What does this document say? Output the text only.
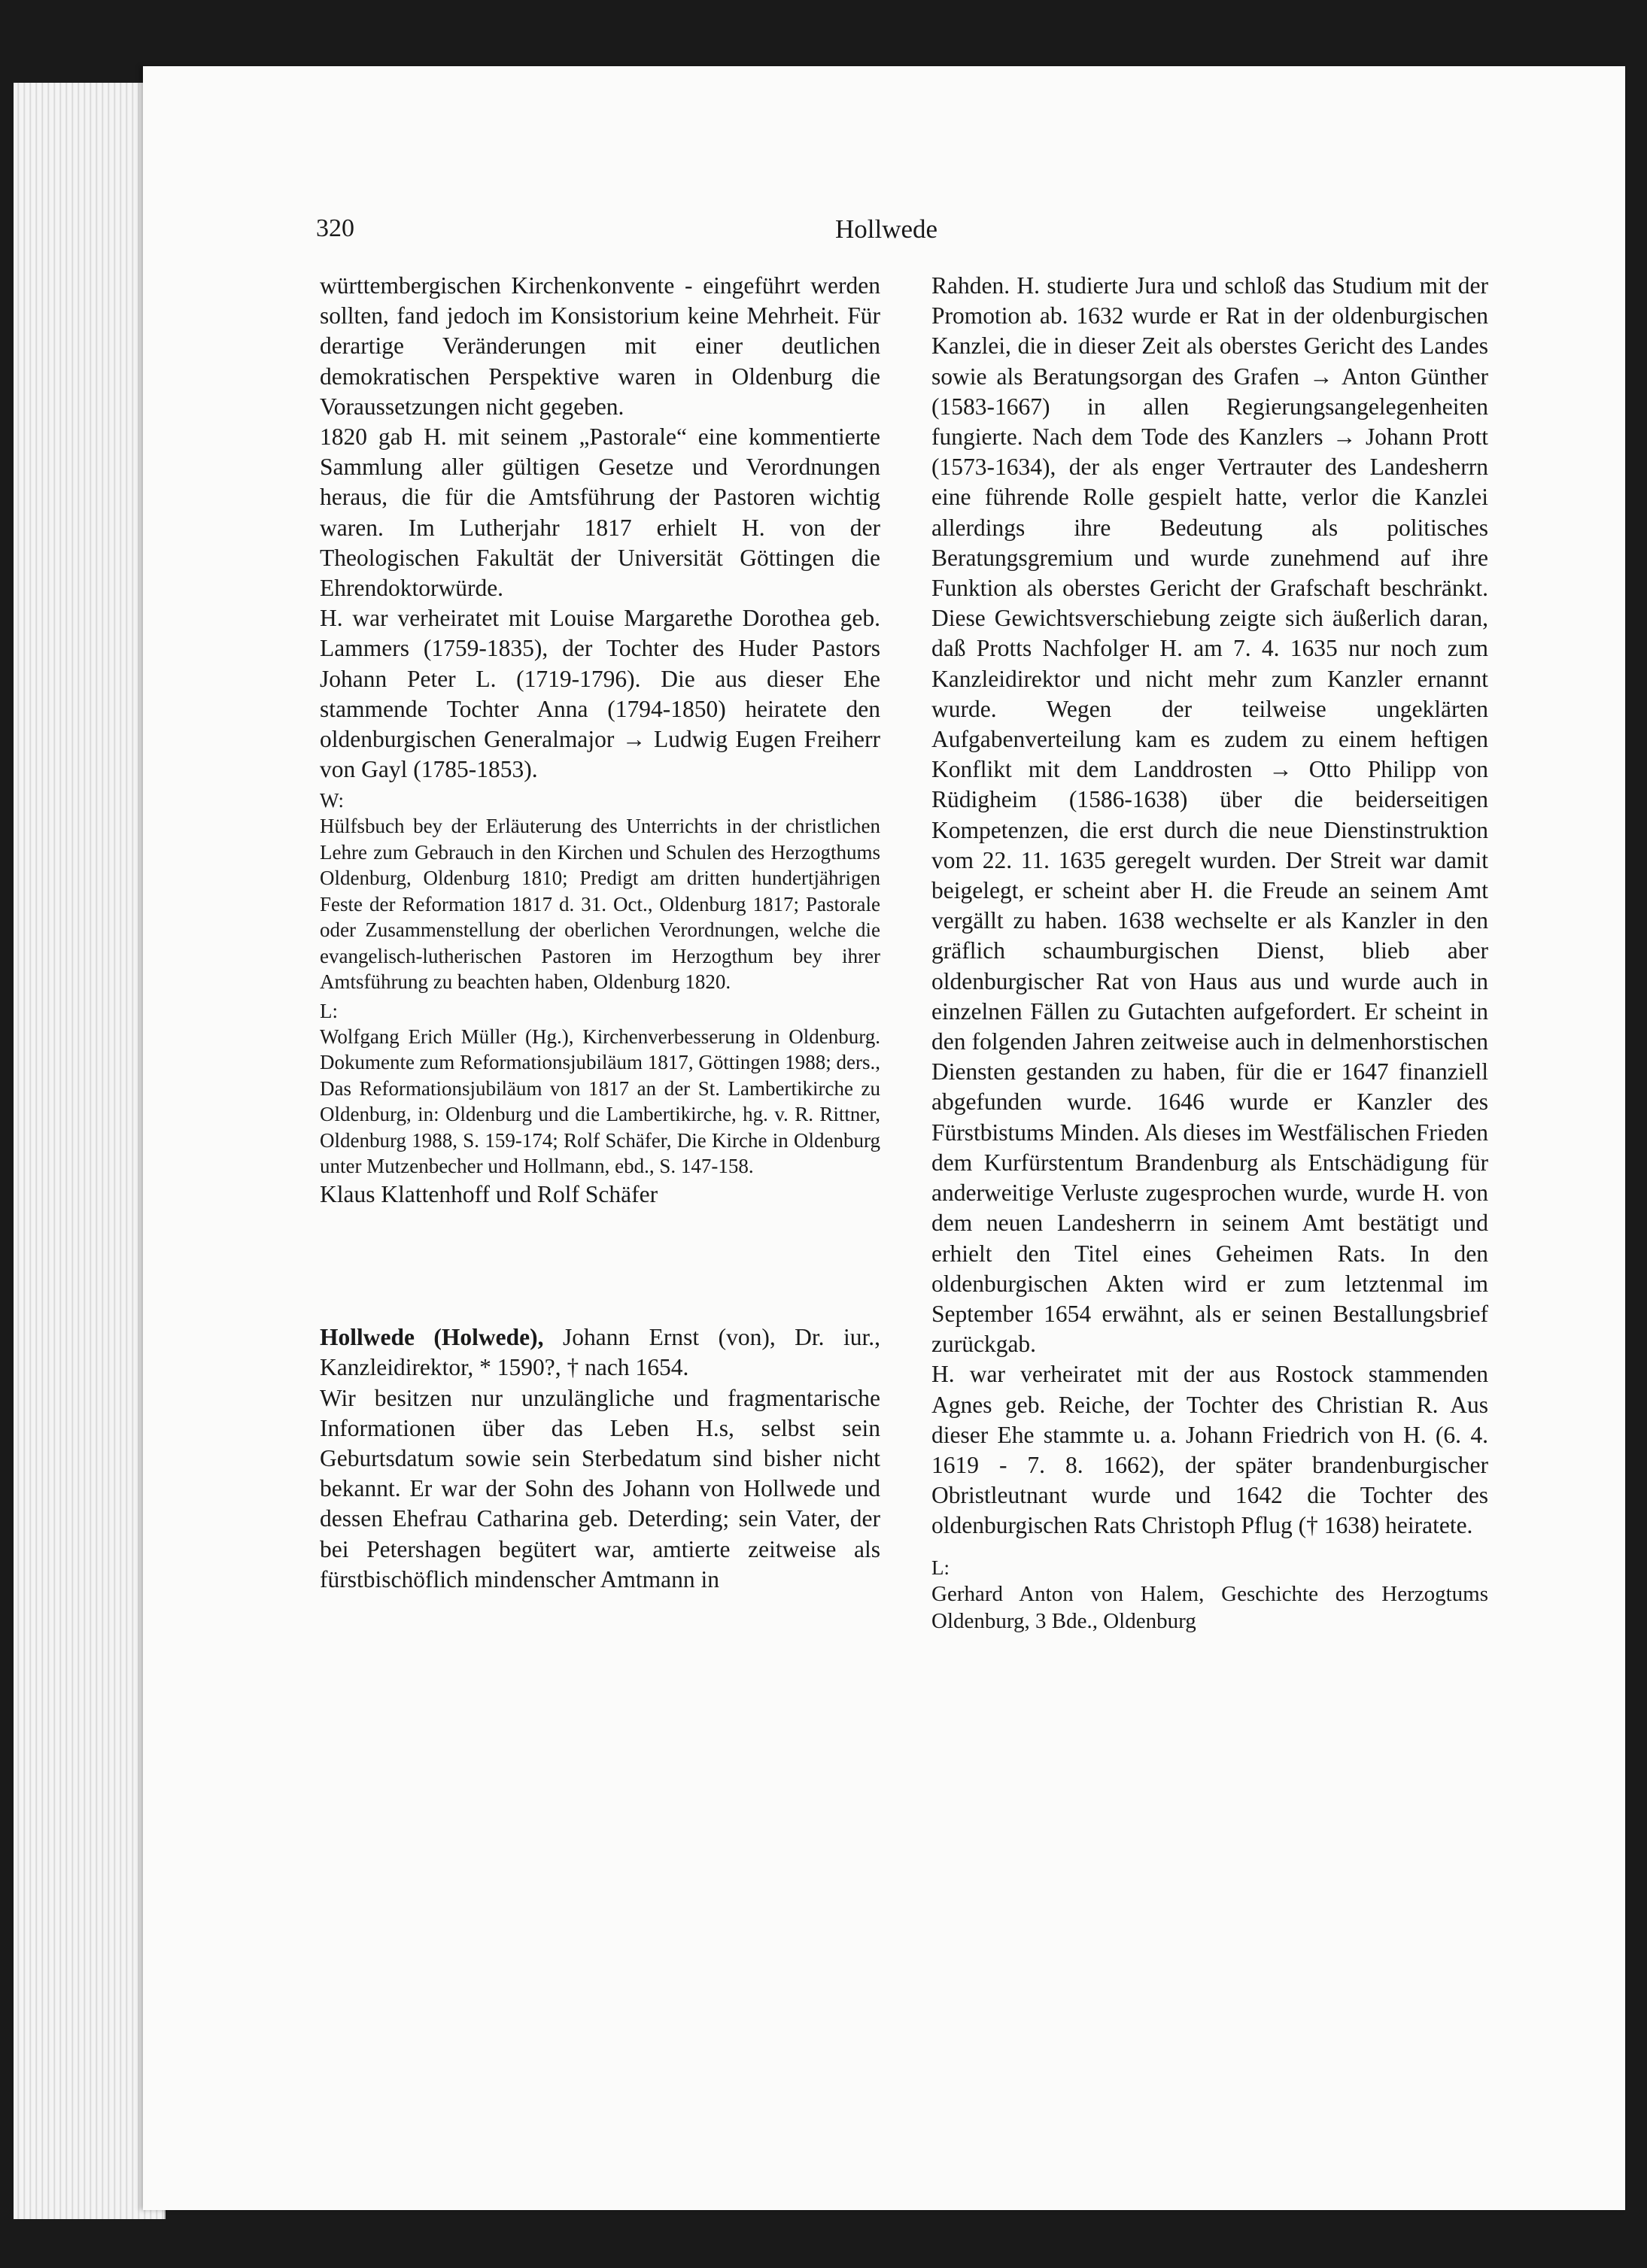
320	Hollwede

württembergischen Kirchenkonvente - eingeführt werden sollten, fand jedoch im Konsistorium keine Mehrheit. Für derartige Veränderungen mit einer deutlichen demokratischen Perspektive waren in Oldenburg die Voraussetzungen nicht gegeben.

1820 gab H. mit seinem „Pastorale“ eine kommentierte Sammlung aller gültigen Gesetze und Verordnungen heraus, die für die Amtsführung der Pastoren wichtig waren. Im Lutherjahr 1817 erhielt H. von der Theologischen Fakultät der Universität Göttingen die Ehrendoktorwürde.

H. war verheiratet mit Louise Margarethe Dorothea geb. Lammers (1759-1835), der Tochter des Huder Pastors Johann Peter L. (1719-1796). Die aus dieser Ehe stammende Tochter Anna (1794-1850) heiratete den oldenburgischen Generalmajor → Ludwig Eugen Freiherr von Gayl (1785-1853).

W:

Hülfsbuch bey der Erläuterung des Unterrichts in der christlichen Lehre zum Gebrauch in den Kirchen und Schulen des Herzogthums Oldenburg, Oldenburg 1810; Predigt am dritten hundertjährigen Feste der Reformation 1817 d. 31. Oct., Oldenburg 1817; Pastorale oder Zusammenstellung der oberlichen Verordnungen, welche die evangelisch-lutherischen Pastoren im Herzogthum bey ihrer Amtsführung zu beachten haben, Oldenburg 1820.

L:

Wolfgang Erich Müller (Hg.), Kirchenverbesserung in Oldenburg. Dokumente zum Reformationsjubiläum 1817, Göttingen 1988; ders., Das Reformationsjubiläum von 1817 an der St. Lambertikirche zu Oldenburg, in: Oldenburg und die Lambertikirche, hg. v. R. Rittner, Oldenburg 1988, S. 159-174; Rolf Schäfer, Die Kirche in Oldenburg unter Mutzenbecher und Hollmann, ebd., S. 147-158.

Klaus Klattenhoff und Rolf Schäfer

Hollwede (Holwede), Johann Ernst (von), Dr. iur., Kanzleidirektor, * 1590?, † nach 1654.

Wir besitzen nur unzulängliche und fragmentarische Informationen über das Leben H.s, selbst sein Geburtsdatum sowie sein Sterbedatum sind bisher nicht bekannt. Er war der Sohn des Johann von Hollwede und dessen Ehefrau Catharina geb. Deterding; sein Vater, der bei Petershagen begütert war, amtierte zeitweise als fürstbischöflich mindenscher Amtmann in

Rahden. H. studierte Jura und schloß das Studium mit der Promotion ab. 1632 wurde er Rat in der oldenburgischen Kanzlei, die in dieser Zeit als oberstes Gericht des Landes sowie als Beratungsorgan des Grafen → Anton Günther (1583-1667) in allen Regierungsangelegenheiten fungierte. Nach dem Tode des Kanzlers → Johann Prott (1573-1634), der als enger Vertrauter des Landesherrn eine führende Rolle gespielt hatte, verlor die Kanzlei allerdings ihre Bedeutung als politisches Beratungsgremium und wurde zunehmend auf ihre Funktion als oberstes Gericht der Grafschaft beschränkt. Diese Gewichtsverschiebung zeigte sich äußerlich daran, daß Protts Nachfolger H. am 7. 4. 1635 nur noch zum Kanzleidirektor und nicht mehr zum Kanzler ernannt wurde. Wegen der teilweise ungeklärten Aufgabenverteilung kam es zudem zu einem heftigen Konflikt mit dem Landdrosten → Otto Philipp von Rüdigheim (1586-1638) über die beiderseitigen Kompetenzen, die erst durch die neue Dienstinstruktion vom 22. 11. 1635 geregelt wurden. Der Streit war damit beigelegt, er scheint aber H. die Freude an seinem Amt vergällt zu haben. 1638 wechselte er als Kanzler in den gräflich schaumburgischen Dienst, blieb aber oldenburgischer Rat von Haus aus und wurde auch in einzelnen Fällen zu Gutachten aufgefordert. Er scheint in den folgenden Jahren zeitweise auch in delmenhorstischen Diensten gestanden zu haben, für die er 1647 finanziell abgefunden wurde. 1646 wurde er Kanzler des Fürstbistums Minden. Als dieses im Westfälischen Frieden dem Kurfürstentum Brandenburg als Entschädigung für anderweitige Verluste zugesprochen wurde, wurde H. von dem neuen Landesherrn in seinem Amt bestätigt und erhielt den Titel eines Geheimen Rats. In den oldenburgischen Akten wird er zum letztenmal im September 1654 erwähnt, als er seinen Bestallungsbrief zurückgab.

H. war verheiratet mit der aus Rostock stammenden Agnes geb. Reiche, der Tochter des Christian R. Aus dieser Ehe stammte u. a. Johann Friedrich von H. (6. 4. 1619 - 7. 8. 1662), der später brandenburgischer Obristleutnant wurde und 1642 die Tochter des oldenburgischen Rats Christoph Pflug († 1638) heiratete.

L:

Gerhard Anton von Halem, Geschichte des Herzogtums Oldenburg, 3 Bde., Oldenburg
